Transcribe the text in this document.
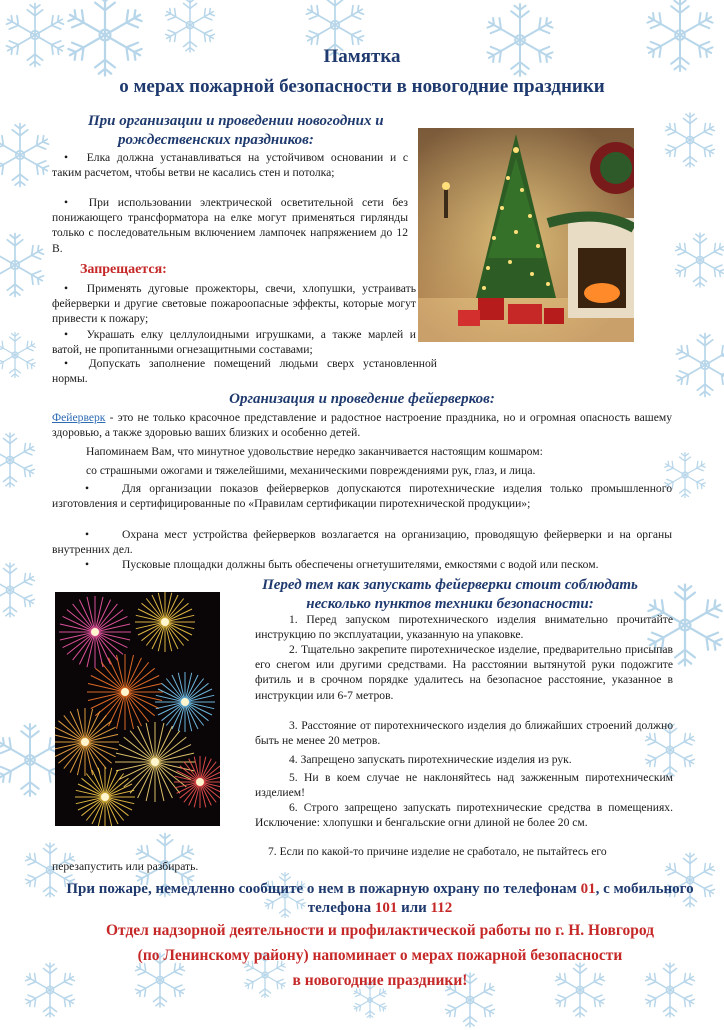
Памятка
о мерах пожарной безопасности в новогодние праздники
При организации и проведении новогодних и
рождественских праздников:

• Елка должна устанавливаться на устойчивом основании и с таким расчетом, чтобы ветви не касались стен и потолка;

• При использовании электрической осветительной сети без понижающего трансформатора на елке могут применяться гирлянды только с последовательным включением лампочек напряжением до 12 В.

Запрещается:

• Применять дуговые прожекторы, свечи, хлопушки, устраивать фейерверки и другие световые пожароопасные эффекты, которые могут привести к пожару;

• Украшать елку целлулоидными игрушками, а также марлей и ватой, не пропитанными огнезащитными составами;

• Допускать заполнение помещений людьми сверх установленной нормы.

Организация и проведение фейерверков:

Фейерверк - это не только красочное представление и радостное настроение праздника, но и огромная опасность вашему здоровью, а также здоровью ваших близких и особенно детей.

Напоминаем Вам, что минутное удовольствие нередко заканчивается настоящим кошмаром:

со страшными ожогами и тяжелейшими, механическими повреждениями рук, глаз, и лица.

•	Для организации показов фейерверков допускаются пиротехнические изделия только промышленного изготовления и сертифицированные по «Правилам сертификации пиротехнической продукции»;

•	Охрана мест устройства фейерверков возлагается на организацию, проводящую фейерверки и на органы внутренних дел.

•	Пусковые площадки должны быть обеспечены огнетушителями, емкостями с водой или песком.

Перед тем как запускать фейерверки стоит соблюдать
несколько пунктов техники безопасности:

1. Перед запуском пиротехнического изделия внимательно прочитайте инструкцию по эксплуатации, указанную на упаковке.

2. Тщательно закрепите пиротехническое изделие, предварительно присыпав его снегом или другими средствами. На расстоянии вытянутой руки подожгите фитиль и в срочном порядке удалитесь на безопасное расстояние, указанное в инструкции или 6-7 метров.

3. Расстояние от пиротехнического изделия до ближайших строений должно быть не менее 20 метров.

4. Запрещено запускать пиротехнические изделия из рук.

5. Ни в коем случае не наклоняйтесь над зажженным пиротехническим изделием!

6. Строго запрещено запускать пиротехнические средства в помещениях. Исключение: хлопушки и бенгальские огни длиной не более 20 см.

7. Если по какой-то причине изделие не сработало, не пытайтесь его
перезапустить или разбирать.

При пожаре, немедленно сообщите о нем в пожарную охрану по телефонам 01, с мобильного телефона 101 или 112
Отдел надзорной деятельности и профилактической работы по г. Н. Новгород
(по Ленинскому району) напоминает о мерах пожарной безопасности
в новогодние праздники!
